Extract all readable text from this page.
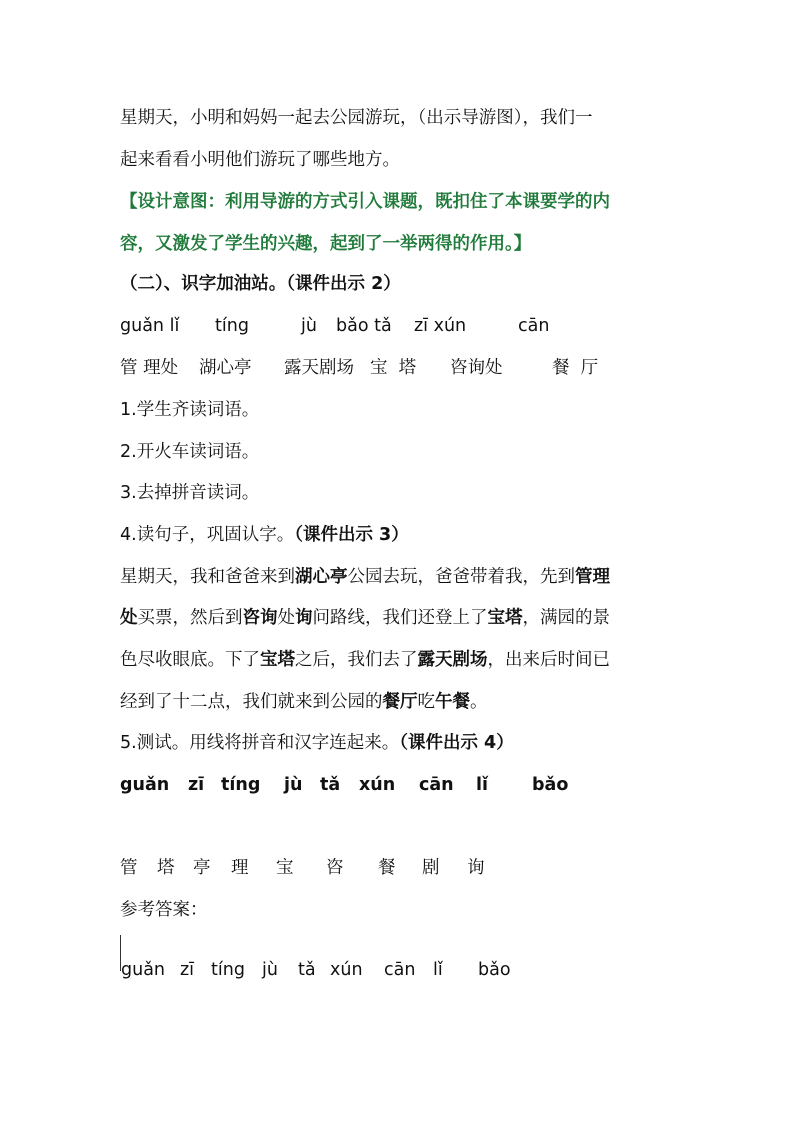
星期天，小明和妈妈一起去公园游玩，（出示导游图），我们一
起来看看小明他们游玩了哪些地方。
【设计意图：利用导游的方式引入课题，既扣住了本课要学的内
容，又激发了学生的兴趣，起到了一举两得的作用。】
（二）、识字加油站。（课件出示 2）
guǎn lǐ tíng	jù bǎo tǎ zī xún	cān
管 理处 湖心亭 露天剧场 宝  塔 咨询处	餐  厅
1.学生齐读词语。
2.开火车读词语。
3.去掉拼音读词。
4.读句子，巩固认字。（课件出示 3）
星期天，我和爸爸来到湖心亭公园去玩，爸爸带着我，先到管理
处买票，然后到咨询处询问路线，我们还登上了宝塔，满园的景
色尽收眼底。下了宝塔之后，我们去了露天剧场，出来后时间已
经到了十二点，我们就来到公园的餐厅吃午餐。
5.测试。用线将拼音和汉字连起来。（课件出示 4）
guǎn zī tíng jù tǎ xún cān lǐ	bǎo
管 塔 亭 理 宝 咨 餐 剧 询
参考答案：
guǎn zī tíng jù tǎ xún cān lǐ bǎo
